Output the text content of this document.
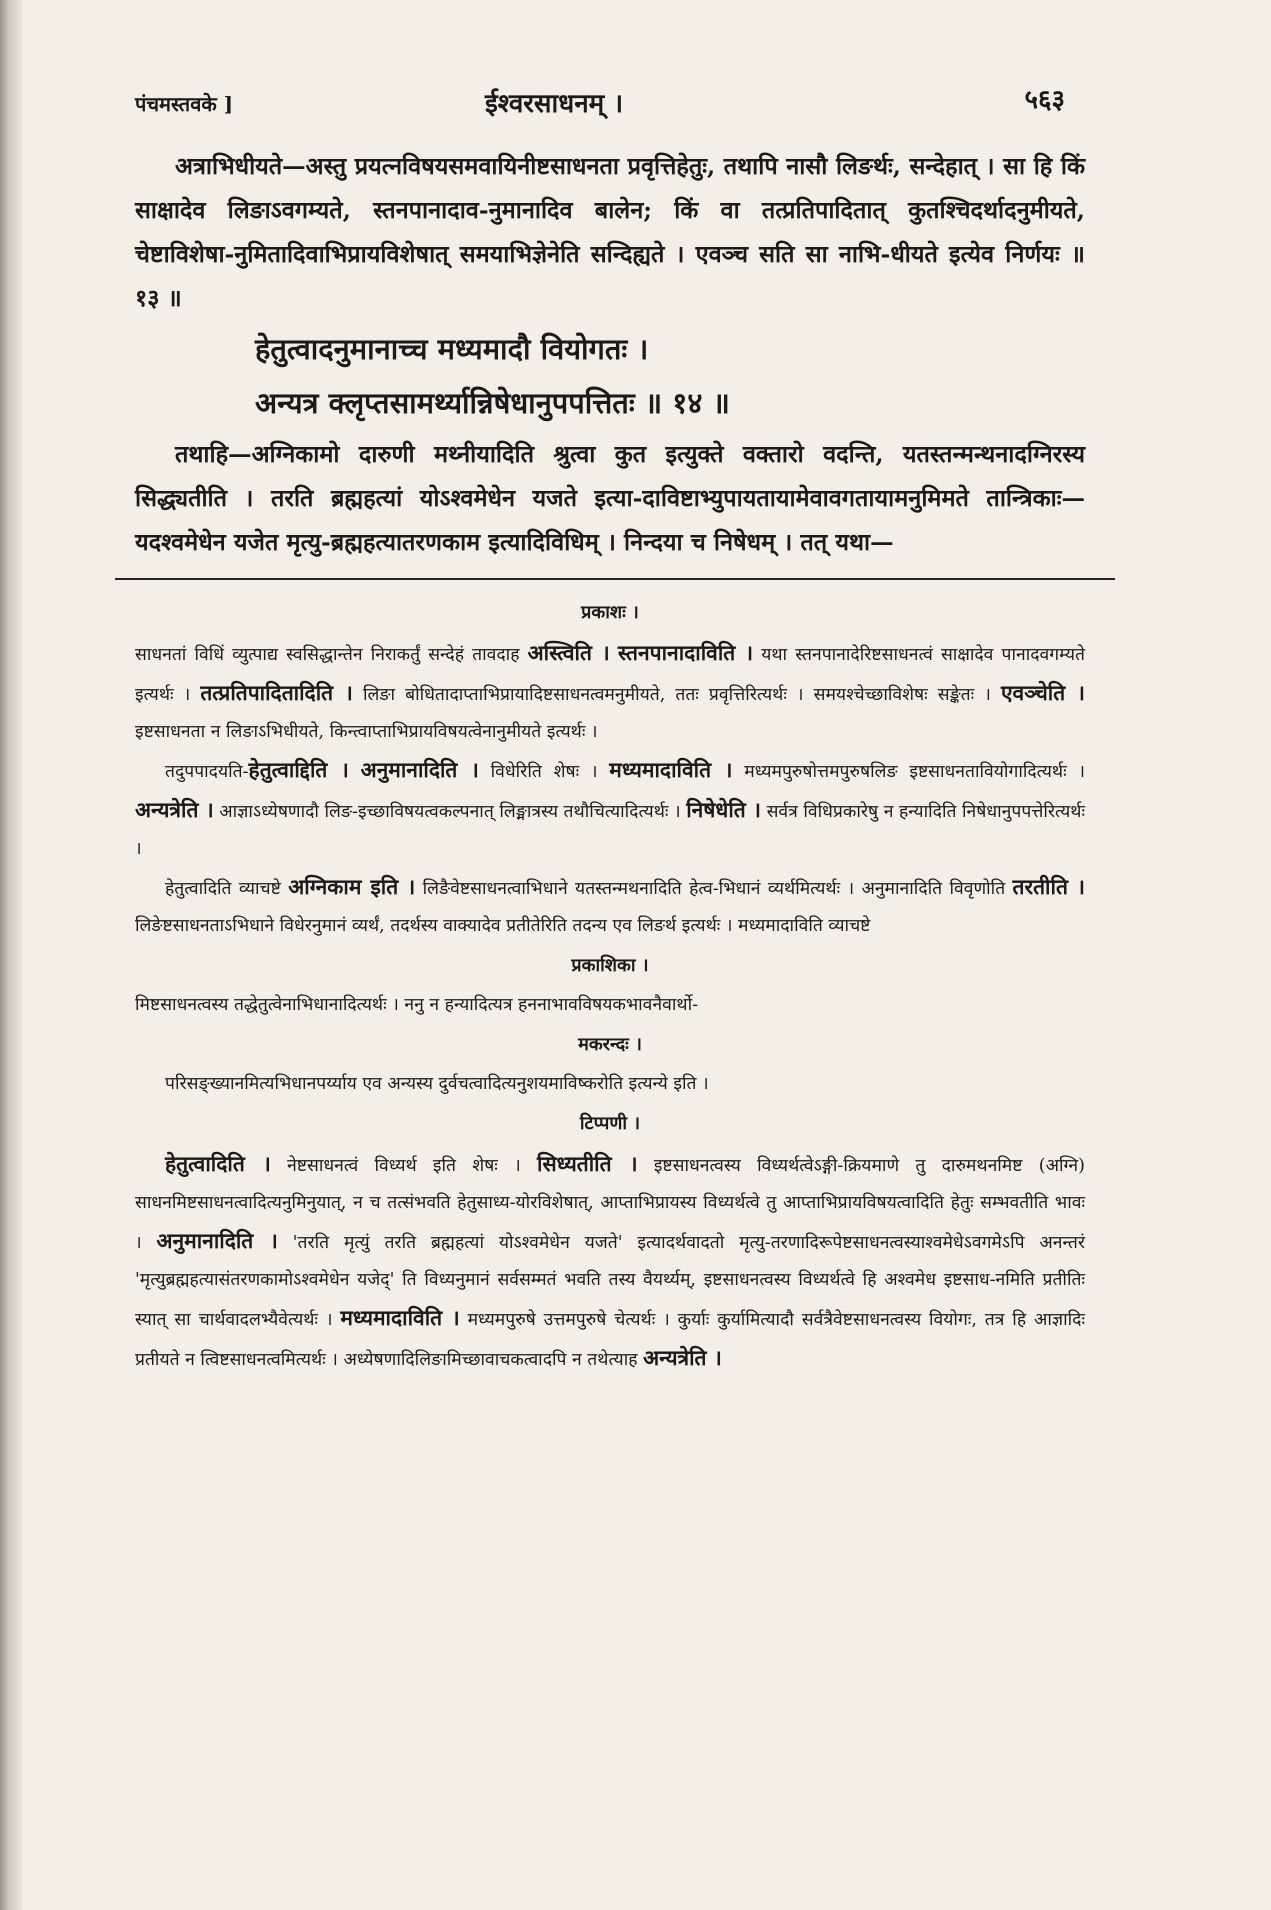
पंचमस्तवके ]	ईश्वरसाधनम् ।	५६३

अत्राभिधीयते—अस्तु प्रयत्नविषयसमवायिनीष्टसाधनता प्रवृत्तिहेतुः, तथापि नासौ लिङर्थः, सन्देहात् । सा हि किं साक्षादेव लिङाऽवगम्यते, स्तनपानादाव-नुमानादिव बालेन; किं वा तत्प्रतिपादितात् कुतश्चिदर्थादनुमीयते, चेष्टाविशेषा-नुमितादिवाभिप्रायविशेषात् समयाभिज्ञेनेति सन्दिह्यते । एवञ्च सति सा नाभि-धीयते इत्येव निर्णयः ॥ १३ ॥

हेतुत्वादनुमानाच्च मध्यमादौ वियोगतः ।
अन्यत्र क्लृप्तसामर्थ्यान्निषेधानुपपत्तितः ॥ १४ ॥

तथाहि—अग्निकामो दारुणी मथ्नीयादिति श्रुत्वा कुत इत्युक्ते वक्तारो वदन्ति, यतस्तन्मन्थनादग्निरस्य सिद्ध्यतीति । तरति ब्रह्महत्यां योऽश्वमेधेन यजते इत्या-दाविष्टाभ्युपायतायामेवावगतायामनुमिमते तान्त्रिकाः—यदश्वमेधेन यजेत मृत्यु-ब्रह्महत्यातरणकाम इत्यादिविधिम् । निन्दया च निषेधम् । तत् यथा—

प्रकाशः ।

साधनतां विधिं व्युत्पाद्य स्वसिद्धान्तेन निराकर्तुं सन्देहं तावदाह अस्त्विति । स्तनपानादाविति । यथा स्तनपानादेरिष्टसाधनत्वं साक्षादेव पानादवगम्यते इत्यर्थः । तत्प्रतिपादितादिति । लिङा बोधितादाप्ताभिप्रायादिष्टसाधनत्वमनुमीयते, ततः प्रवृत्तिरित्यर्थः । समयश्चेच्छाविशेषः सङ्केतः । एवञ्चेति । इष्टसाधनता न लिङाऽभिधीयते, किन्त्वाप्ताभिप्रायविषयत्वेनानुमीयते इत्यर्थः ।

तदुपपादयति-हेतुत्वाद्दिति । अनुमानादिति । विधेरिति शेषः । मध्यमादाविति । मध्यमपुरुषोत्तमपुरुषलिङ इष्टसाधनतावियोगादित्यर्थः । अन्यत्रेति । आज्ञाऽध्येषणादौ लिङ-इच्छाविषयत्वकल्पनात् लिङ्मात्रस्य तथौचित्यादित्यर्थः । निषेधेति । सर्वत्र विधिप्रकारेषु न हन्यादिति निषेधानुपपत्तेरित्यर्थः ।

हेतुत्वादिति व्याचष्टे अग्निकाम इति । लिङैवेष्टसाधनत्वाभिधाने यतस्तन्मथनादिति हेत्व-भिधानं व्यर्थमित्यर्थः । अनुमानादिति विवृणोति तरतीति । लिङेष्टसाधनताऽभिधाने विधेरनुमानं व्यर्थं, तदर्थस्य वाक्यादेव प्रतीतेरिति तदन्य एव लिङर्थ इत्यर्थः । मध्यमादाविति व्याचष्टे

प्रकाशिका ।

मिष्टसाधनत्वस्य तद्धेतुत्वेनाभिधानादित्यर्थः । ननु न हन्यादित्यत्र हननाभावविषयकभावनैवार्थो-

मकरन्दः ।

परिसङ्ख्यानमित्यभिधानपर्य्याय एव अन्यस्य दुर्वचत्वादित्यनुशयमाविष्करोति इत्यन्ये इति ।

टिप्पणी ।

हेतुत्वादिति । नेष्टसाधनत्वं विध्यर्थ इति शेषः । सिध्यतीति । इष्टसाधनत्वस्य विध्यर्थत्वेऽङ्गी-क्रियमाणे तु दारुमथनमिष्ट (अग्नि) साधनमिष्टसाधनत्वादित्यनुमिनुयात्, न च तत्संभवति हेतुसाध्य-योरविशेषात्, आप्ताभिप्रायस्य विध्यर्थत्वे तु आप्ताभिप्रायविषयत्वादिति हेतुः सम्भवतीति भावः । अनुमानादिति । 'तरति मृत्युं तरति ब्रह्महत्यां योऽश्वमेधेन यजते' इत्यादर्थवादतो मृत्यु-तरणादिरूपेष्टसाधनत्वस्याश्वमेधेऽवगमेऽपि अनन्तरं 'मृत्युब्रह्महत्यासंतरणकामोऽश्वमेधेन यजेद्' ति विध्यनुमानं सर्वसम्मतं भवति तस्य वैयर्थ्यम्, इष्टसाधनत्वस्य विध्यर्थत्वे हि अश्वमेध इष्टसाध-नमिति प्रतीतिः स्यात् सा चार्थवादलभ्यैवेत्यर्थः । मध्यमादाविति । मध्यमपुरुषे उत्तमपुरुषे चेत्यर्थः । कुर्याः कुर्यामित्यादौ सर्वत्रैवेष्टसाधनत्वस्य वियोगः, तत्र हि आज्ञादिः प्रतीयते न त्विष्टसाधनत्वमित्यर्थः । अध्येषणादिलिङामिच्छावाचकत्वादपि न तथेत्याह अन्यत्रेति ।
